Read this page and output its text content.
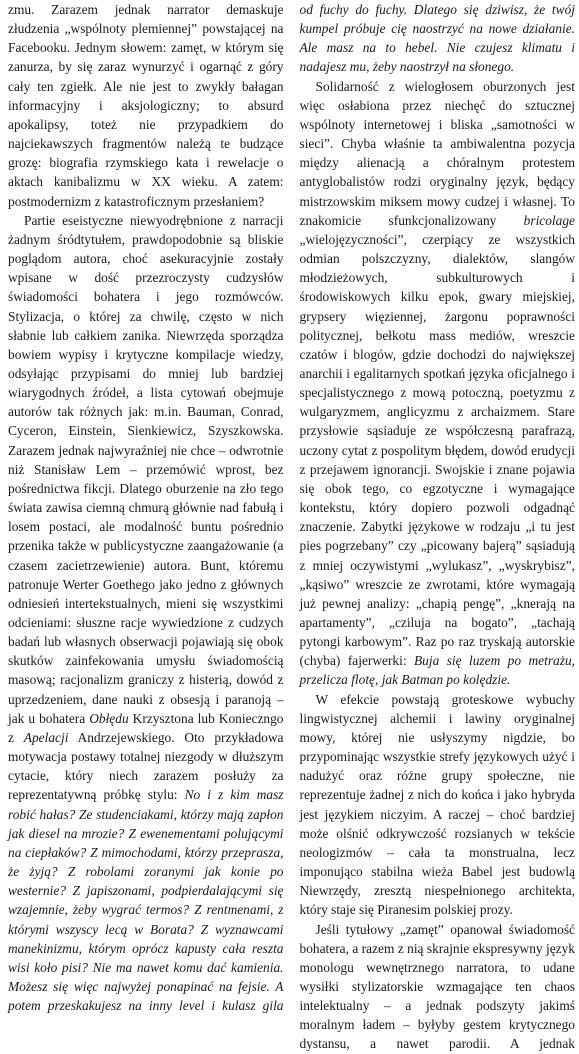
zmu. Zarazem jednak narrator demaskuje złudzenia „wspólnoty plemiennej” powstającej na Facebooku. Jednym słowem: zamęt, w którym się zanurza, by się zaraz wynurzyć i ogarnąć z góry cały ten zgiełk. Ale nie jest to zwykły bałagan informacyjny i aksjologiczny; to absurd apokalipsy, toteż nie przypadkiem do najciekawszych fragmentów należą te budzące grozę: biografia rzymskiego kata i rewelacje o aktach kanibalizmu w XX wieku. A zatem: postmodernizm z katastroficznym przesłaniem?

Partie eseistyczne niewyodrębnione z narracji żadnym śródtytułem, prawdopodobnie są bliskie poglądom autora, choć asekuracyjnie zostały wpisane w dość przezroczysty cudzysłów świadomości bohatera i jego rozmówców. Stylizacja, o której za chwilę, często w nich słabnie lub całkiem zanika. Niewrzęda sporządza bowiem wypisy i krytyczne kompilacje wiedzy, odsyłając przypisami do mniej lub bardziej wiarygodnych źródeł, a lista cytowań obejmuje autorów tak różnych jak: m.in. Bauman, Conrad, Cyceron, Einstein, Sienkiewicz, Szyszkowska. Zarazem jednak najwyraźniej nie chce – odwrotnie niż Stanisław Lem – przemówić wprost, bez pośrednictwa fikcji. Dlatego oburzenie na zło tego świata zawisa ciemną chmurą głównie nad fabułą i losem postaci, ale modalność buntu pośrednio przenika także w publicystyczne zaangażowanie (a czasem zacietrzewienie) autora. Bunt, któremu patronuje Werter Goethego jako jedno z głównych odniesień intertekstualnych, mieni się wszystkimi odcieniami: słuszne racje wywiedzione z cudzych badań lub własnych obserwacji pojawiają się obok skutków zainfekowania umysłu świadomością masową; racjonalizm graniczy z histerią, dowód z uprzedzeniem, dane nauki z obsesją i paranoją – jak u bohatera Obłędu Krzysztona lub Konieczngo z Apelacji Andrzejewskiego. Oto przykładowa motywacja postawy totalnej niezgody w dłuższym cytacie, który niech zarazem posłuży za reprezentatywną próbkę stylu: No i z kim masz robić hałas? Ze studenciakami, którzy mają zapłon jak diesel na mrozie? Z ewenementami polującymi na ciepłaków? Z mimochodami, którzy przeprasza, że żyją? Z robolami zoranymi jak konie po westernie? Z japiszonami, podpierdalającymi się wzajemnie, żeby wygrać termos? Z rentmenami, z którymi wszyscy lecą w Borata? Z wyznawcami manekinizmu, którym oprócz kapusty cała reszta wisi koło pisi? Nie ma nawet komu dać kamienia. Możesz się więc najwyżej ponapinać na fejsie. A potem przeskakujesz na inny level i kulasz gila

od fuchy do fuchy. Dlatego się dziwisz, że twój kumpel próbuje cię naostrzyć na nowe działanie. Ale masz na to hebel. Nie czujesz klimatu i nadajesz mu, żeby naostrzył na słonego.

Solidarność z wielogłosem oburzonych jest więc osłabiona przez niechęć do sztucznej wspólnoty internetowej i bliska „samotności w sieci”. Chyba właśnie ta ambiwalentna pozycja między alienacją a chóralnym protestem antyglobalistów rodzi oryginalny język, będący mistrzowskim miksem mowy cudzej i własnej. To znakomicie sfunkcjonalizowany bricolage „wielojęzyczności”, czerpiący ze wszystkich odmian polszczyzny, dialektów, slangów młodzieżowych, subkulturowych i środowiskowych kilku epok, gwary miejskiej, grypsery więziennej, żargonu poprawności politycznej, bełkotu mass mediów, wreszcie czatów i blogów, gdzie dochodzi do największej anarchii i egalitarnych spotkań języka oficjalnego i specjalistycznego z mową potoczną, poetyzmu z wulgaryzmem, anglicyzmu z archaizmem. Stare przysłowie sąsiaduje ze współczesną parafrazą, uczony cytat z pospolitym błędem, dowód erudycji z przejawem ignorancji. Swojskie i znane pojawia się obok tego, co egzotyczne i wymagające kontekstu, który dopiero pozwoli odgadnąć znaczenie. Zabytki językowe w rodzaju „i tu jest pies pogrzebany” czy „picowany bajerą” sąsiadują z mniej oczywistymi „wylukasz”, „wyskrybisz”, „kąsiwo” wreszcie ze zwrotami, które wymagają już pewnej analizy: „chapią pengę”, „knerają na apartamenty”, „cziluja na bogato”, „tachają pytongi karbowym”. Raz po raz tryskają autorskie (chyba) fajerwerki: Buja się luzem po metrażu, przelicza flotę, jak Batman po kolędzie.

W efekcie powstają groteskowe wybuchy lingwistycznej alchemii i lawiny oryginalnej mowy, której nie usłyszymy nigdzie, bo przypominając wszystkie strefy językowych użyć i nadużyć oraz różne grupy społeczne, nie reprezentuje żadnej z nich do końca i jako hybryda jest językiem niczyim. A raczej – choć bardziej może olśnić odkrywczość rozsianych w tekście neologizmów – cała ta monstrualna, lecz imponująco stabilna wieża Babel jest budowlą Niewrzędy, zresztą niespełnionego architekta, który staje się Piranesim polskiej prozy.

Jeśli tytułowy „zamęt” opanował świadomość bohatera, a razem z nią skrajnie ekspresywny język monologu wewnętrznego narratora, to udane wysiłki stylizatorskie wzmagające ten chaos intelektualny – a jednak podszyty jakimś moralnym ładem – byłyby gestem krytycznego dystansu, a nawet parodii. A jednak
